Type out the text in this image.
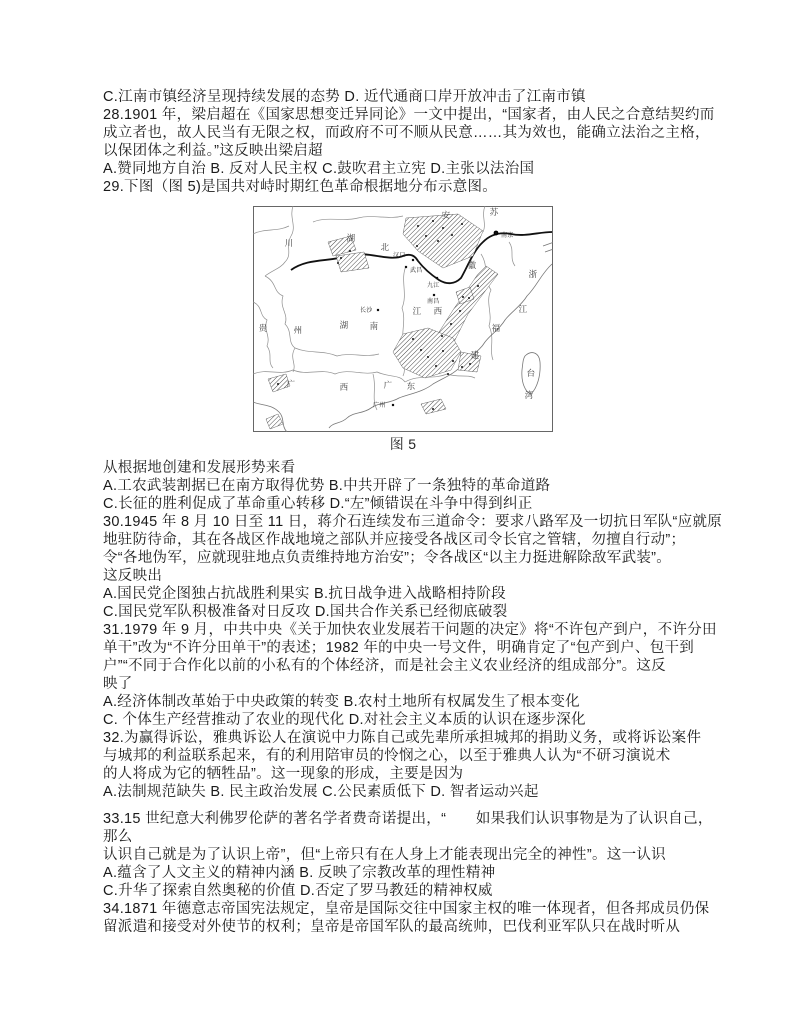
C.江南市镇经济呈现持续发展的态势 D. 近代通商口岸开放冲击了江南市镇
28.1901 年，梁启超在《国家思想变迁异同论》一文中提出，“国家者，由人民之合意结契约而
成立者也，故人民当有无限之权，而政府不可不顺从民意……其为效也，能确立法治之主格，
以保团体之利益。”这反映出梁启超
A.赞同地方自治 B. 反对人民主权 C.鼓吹君主立宪 D.主张以法治国
29.下图（图 5)是国共对峙时期红色革命根据地分布示意图。
汉口
武昌
九江
南昌
长沙
广州
南京
川	湖
北
安
徽
苏
浙
江
江 西
贵	州	湖 南	福
建
广	西	广 东
台
湾
图 5
从根据地创建和发展形势来看
A.工农武装割据已在南方取得优势 B.中共开辟了一条独特的革命道路
C.长征的胜利促成了革命重心转移 D.“左”倾错误在斗争中得到纠正
30.1945 年 8 月 10 日至 11 日，蒋介石连续发布三道命令：要求八路军及一切抗日军队“应就原
地驻防待命，其在各战区作战地境之部队并应接受各战区司令长官之管辖，勿擅自行动”；
令“各地伪军，应就现驻地点负责维持地方治安”；令各战区“以主力挺进解除敌军武装”。
这反映出
A.国民党企图独占抗战胜利果实 B.抗日战争进入战略相持阶段
C.国民党军队积极准备对日反攻 D.国共合作关系已经彻底破裂
31.1979 年 9 月，中共中央《关于加快农业发展若干问题的决定》将“不许包产到户，不许分田
单干”改为“不许分田单干”的表述；1982 年的中央一号文件，明确肯定了“包产到户、包干到
户”“不同于合作化以前的小私有的个体经济，而是社会主义农业经济的组成部分”。这反
映了
A.经济体制改革始于中央政策的转变 B.农村土地所有权属发生了根本变化
C. 个体生产经营推动了农业的现代化 D.对社会主义本质的认识在逐步深化
32.为赢得诉讼，雅典诉讼人在演说中力陈自己或先辈所承担城邦的捐助义务，或将诉讼案件
与城邦的利益联系起来，有的利用陪审员的怜悯之心，以至于雅典人认为“不研习演说术
的人将成为它的牺牲品”。这一现象的形成，主要是因为
A.法制规范缺失 B. 民主政治发展 C.公民素质低下 D. 智者运动兴起
33.15 世纪意大利佛罗伦萨的著名学者费奇诺提出，“　　如果我们认识事物是为了认识自己，
那么
认识自己就是为了认识上帝”，但“上帝只有在人身上才能表现出完全的神性”。这一认识
A.蕴含了人文主义的精神内涵 B. 反映了宗教改革的理性精神
C.升华了探索自然奥秘的价值 D.否定了罗马教廷的精神权威
34.1871 年德意志帝国宪法规定，皇帝是国际交往中国家主权的唯一体现者，但各邦成员仍保
留派遣和接受对外使节的权利；皇帝是帝国军队的最高统帅，巴伐利亚军队只在战时听从
